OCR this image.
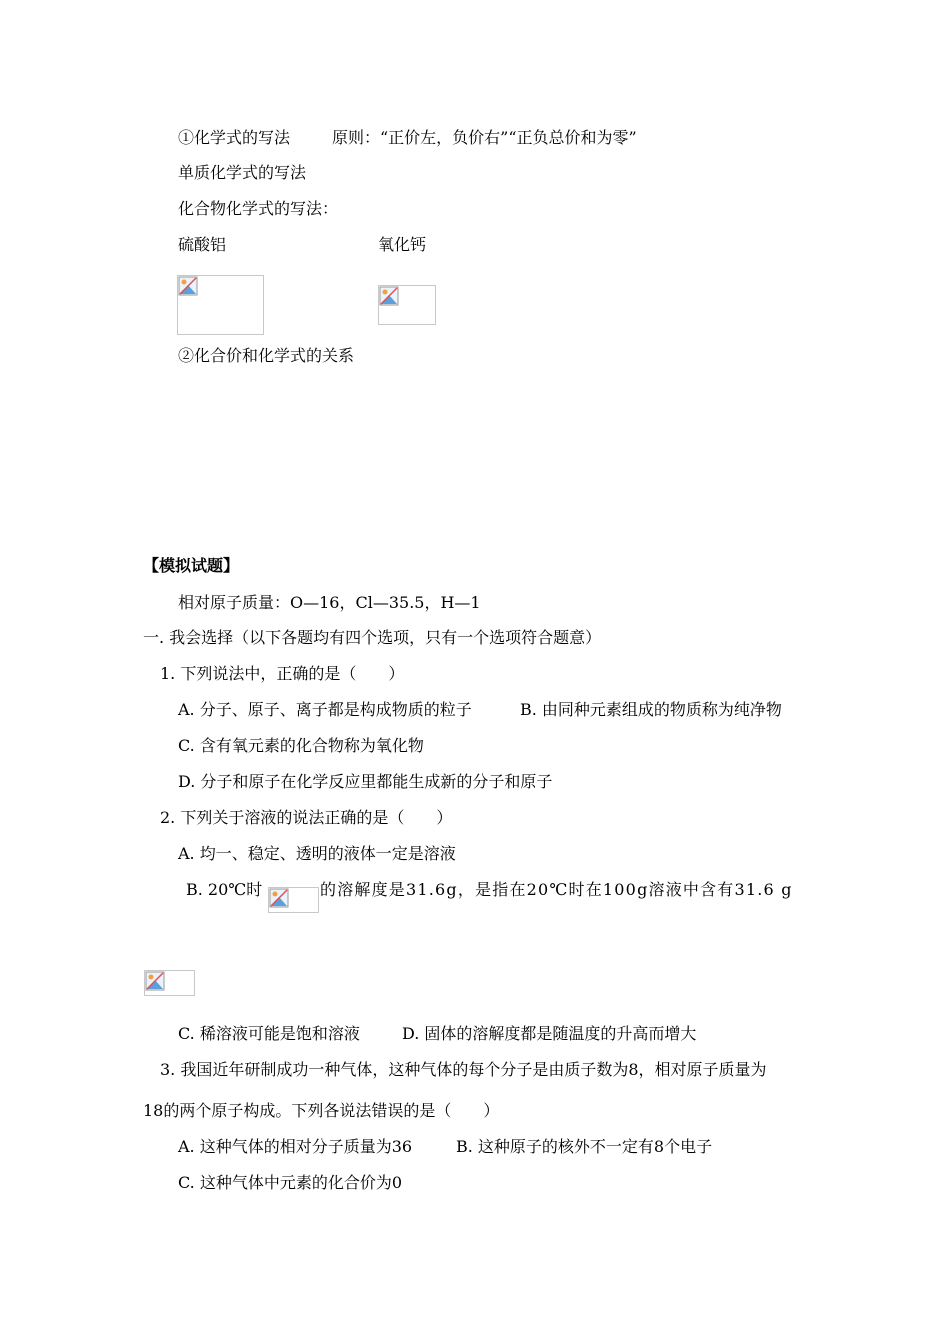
①化学式的写法	原则：“正价左，负价右”“正负总价和为零”
单质化学式的写法
化合物化学式的写法：
硫酸铝	氧化钙
②化合价和化学式的关系
【模拟试题】
相对原子质量：O—16，Cl—35.5，H—1
一. 我会选择（以下各题均有四个选项，只有一个选项符合题意）
1. 下列说法中，正确的是（　　）
A. 分子、原子、离子都是构成物质的粒子	B. 由同种元素组成的物质称为纯净物
C. 含有氧元素的化合物称为氧化物
D. 分子和原子在化学反应里都能生成新的分子和原子
2. 下列关于溶液的说法正确的是（　　）
A. 均一、稳定、透明的液体一定是溶液
B. 20℃时	的溶解度是31.6g，是指在20℃时在100g溶液中含有31.6 g
C. 稀溶液可能是饱和溶液	D. 固体的溶解度都是随温度的升高而增大
3. 我国近年研制成功一种气体，这种气体的每个分子是由质子数为8，相对原子质量为
18的两个原子构成。下列各说法错误的是（　　）
A. 这种气体的相对分子质量为36	B. 这种原子的核外不一定有8个电子
C. 这种气体中元素的化合价为0
